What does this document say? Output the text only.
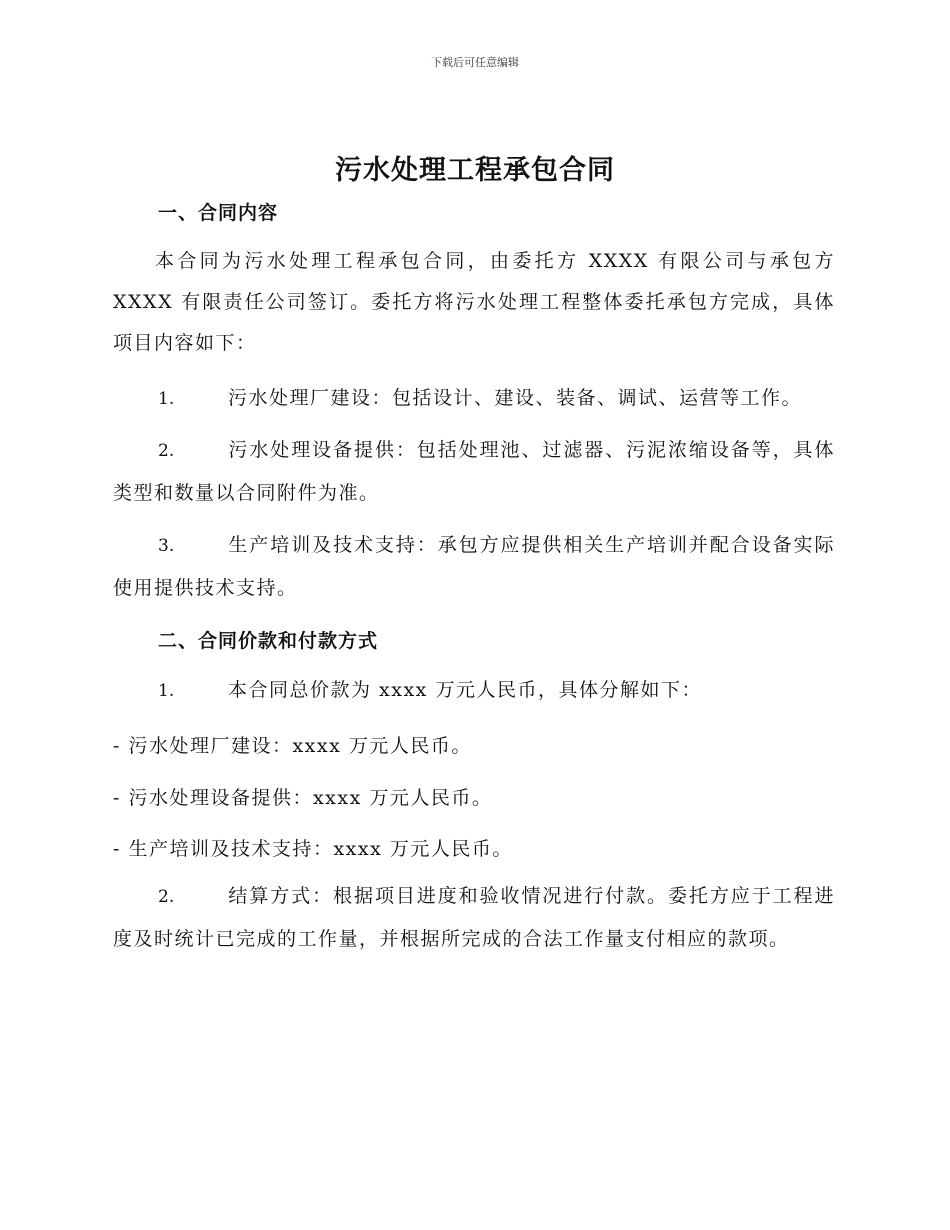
下载后可任意编辑
污水处理工程承包合同
一、合同内容

本合同为污水处理工程承包合同，由委托方 XXXX 有限公司与承包方 XXXX 有限责任公司签订。委托方将污水处理工程整体委托承包方完成，具体项目内容如下：

1.	污水处理厂建设：包括设计、建设、装备、调试、运营等工作。

2.	污水处理设备提供：包括处理池、过滤器、污泥浓缩设备等，具体类型和数量以合同附件为准。

3.	生产培训及技术支持：承包方应提供相关生产培训并配合设备实际使用提供技术支持。

二、合同价款和付款方式

1.	本合同总价款为 xxxx 万元人民币，具体分解如下：

- 污水处理厂建设：xxxx 万元人民币。

- 污水处理设备提供：xxxx 万元人民币。

- 生产培训及技术支持：xxxx 万元人民币。

2.	结算方式：根据项目进度和验收情况进行付款。委托方应于工程进度及时统计已完成的工作量，并根据所完成的合法工作量支付相应的款项。
